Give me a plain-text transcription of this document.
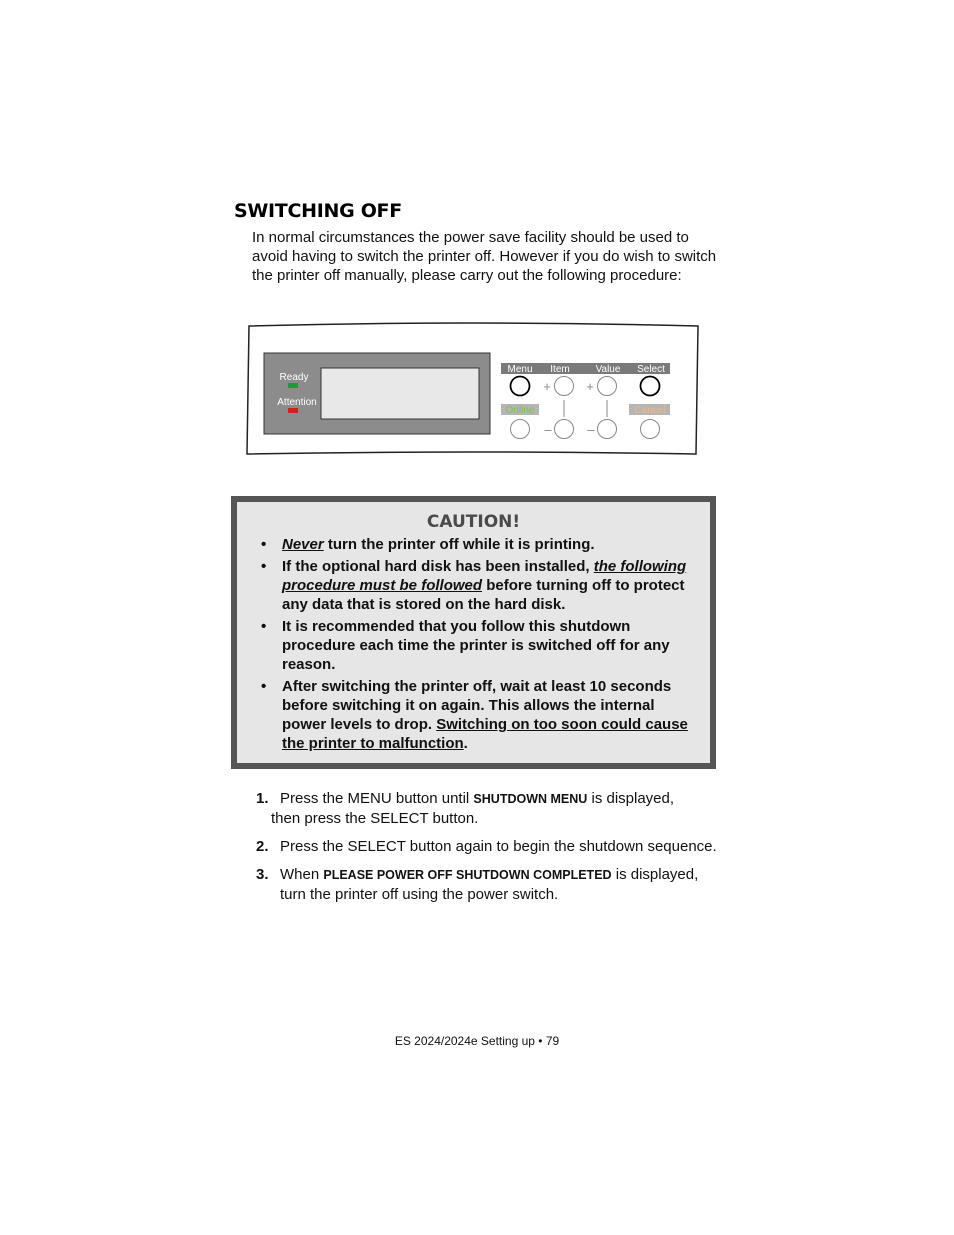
SWITCHING OFF

In normal circumstances the power save facility should be used to avoid having to switch the printer off. However if you do wish to switch the printer off manually, please carry out the following procedure:

Ready
Attention
Menu Item	Value Select
+	+
Online	Cancel
–	–
CAUTION!
• Never turn the printer off while it is printing.
• If the optional hard disk has been installed, the following procedure must be followed before turning off to protect any data that is stored on the hard disk.
• It is recommended that you follow this shutdown procedure each time the printer is switched off for any reason.
• After switching the printer off, wait at least 10 seconds before switching it on again. This allows the internal power levels to drop. Switching on too soon could cause the printer to malfunction.
1. Press the MENU button until SHUTDOWN MENU is displayed,
then press the SELECT button.
2. Press the SELECT button again to begin the shutdown sequence.
3. When PLEASE POWER OFF SHUTDOWN COMPLETED is displayed, turn the printer off using the power switch.
ES 2024/2024e Setting up • 79
